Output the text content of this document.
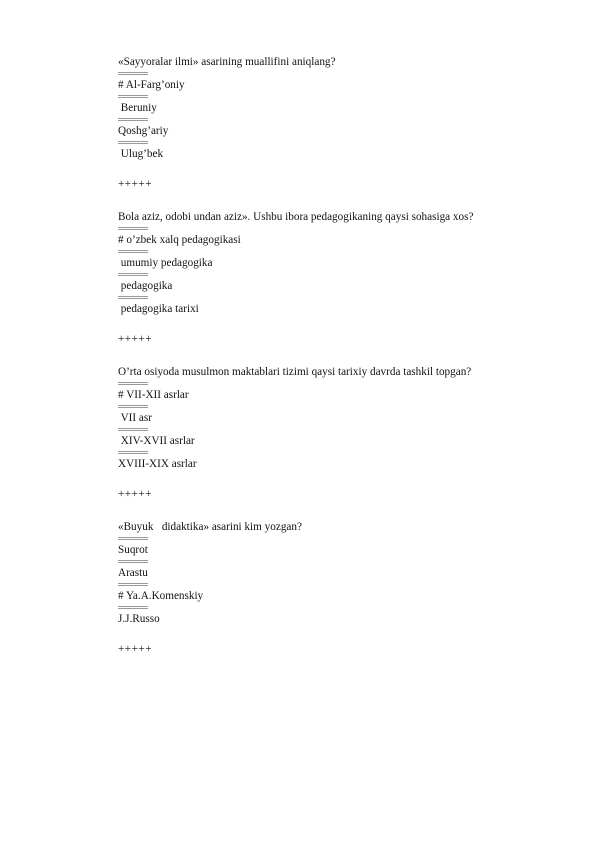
«Sayyoralar ilmi» asarining muallifini aniqlang?
# Al-Farg’oniy
Beruniy
Qoshg’ariy
Ulug’bek
+++++
Bola aziz, odobi undan aziz». Ushbu ibora pedagogikaning qaysi sohasiga xos?
# o’zbek xalq pedagogikasi
umumiy pedagogika
pedagogika
pedagogika tarixi
+++++
O’rta osiyoda musulmon maktablari tizimi qaysi tarixiy davrda tashkil topgan?
# VII-XII asrlar
VII asr
XIV-XVII asrlar
XVIII-XIX asrlar
+++++
«Buyuk   didaktika» asarini kim yozgan?
Suqrot
Arastu
# Ya.A.Komenskiy
J.J.Russo
+++++
